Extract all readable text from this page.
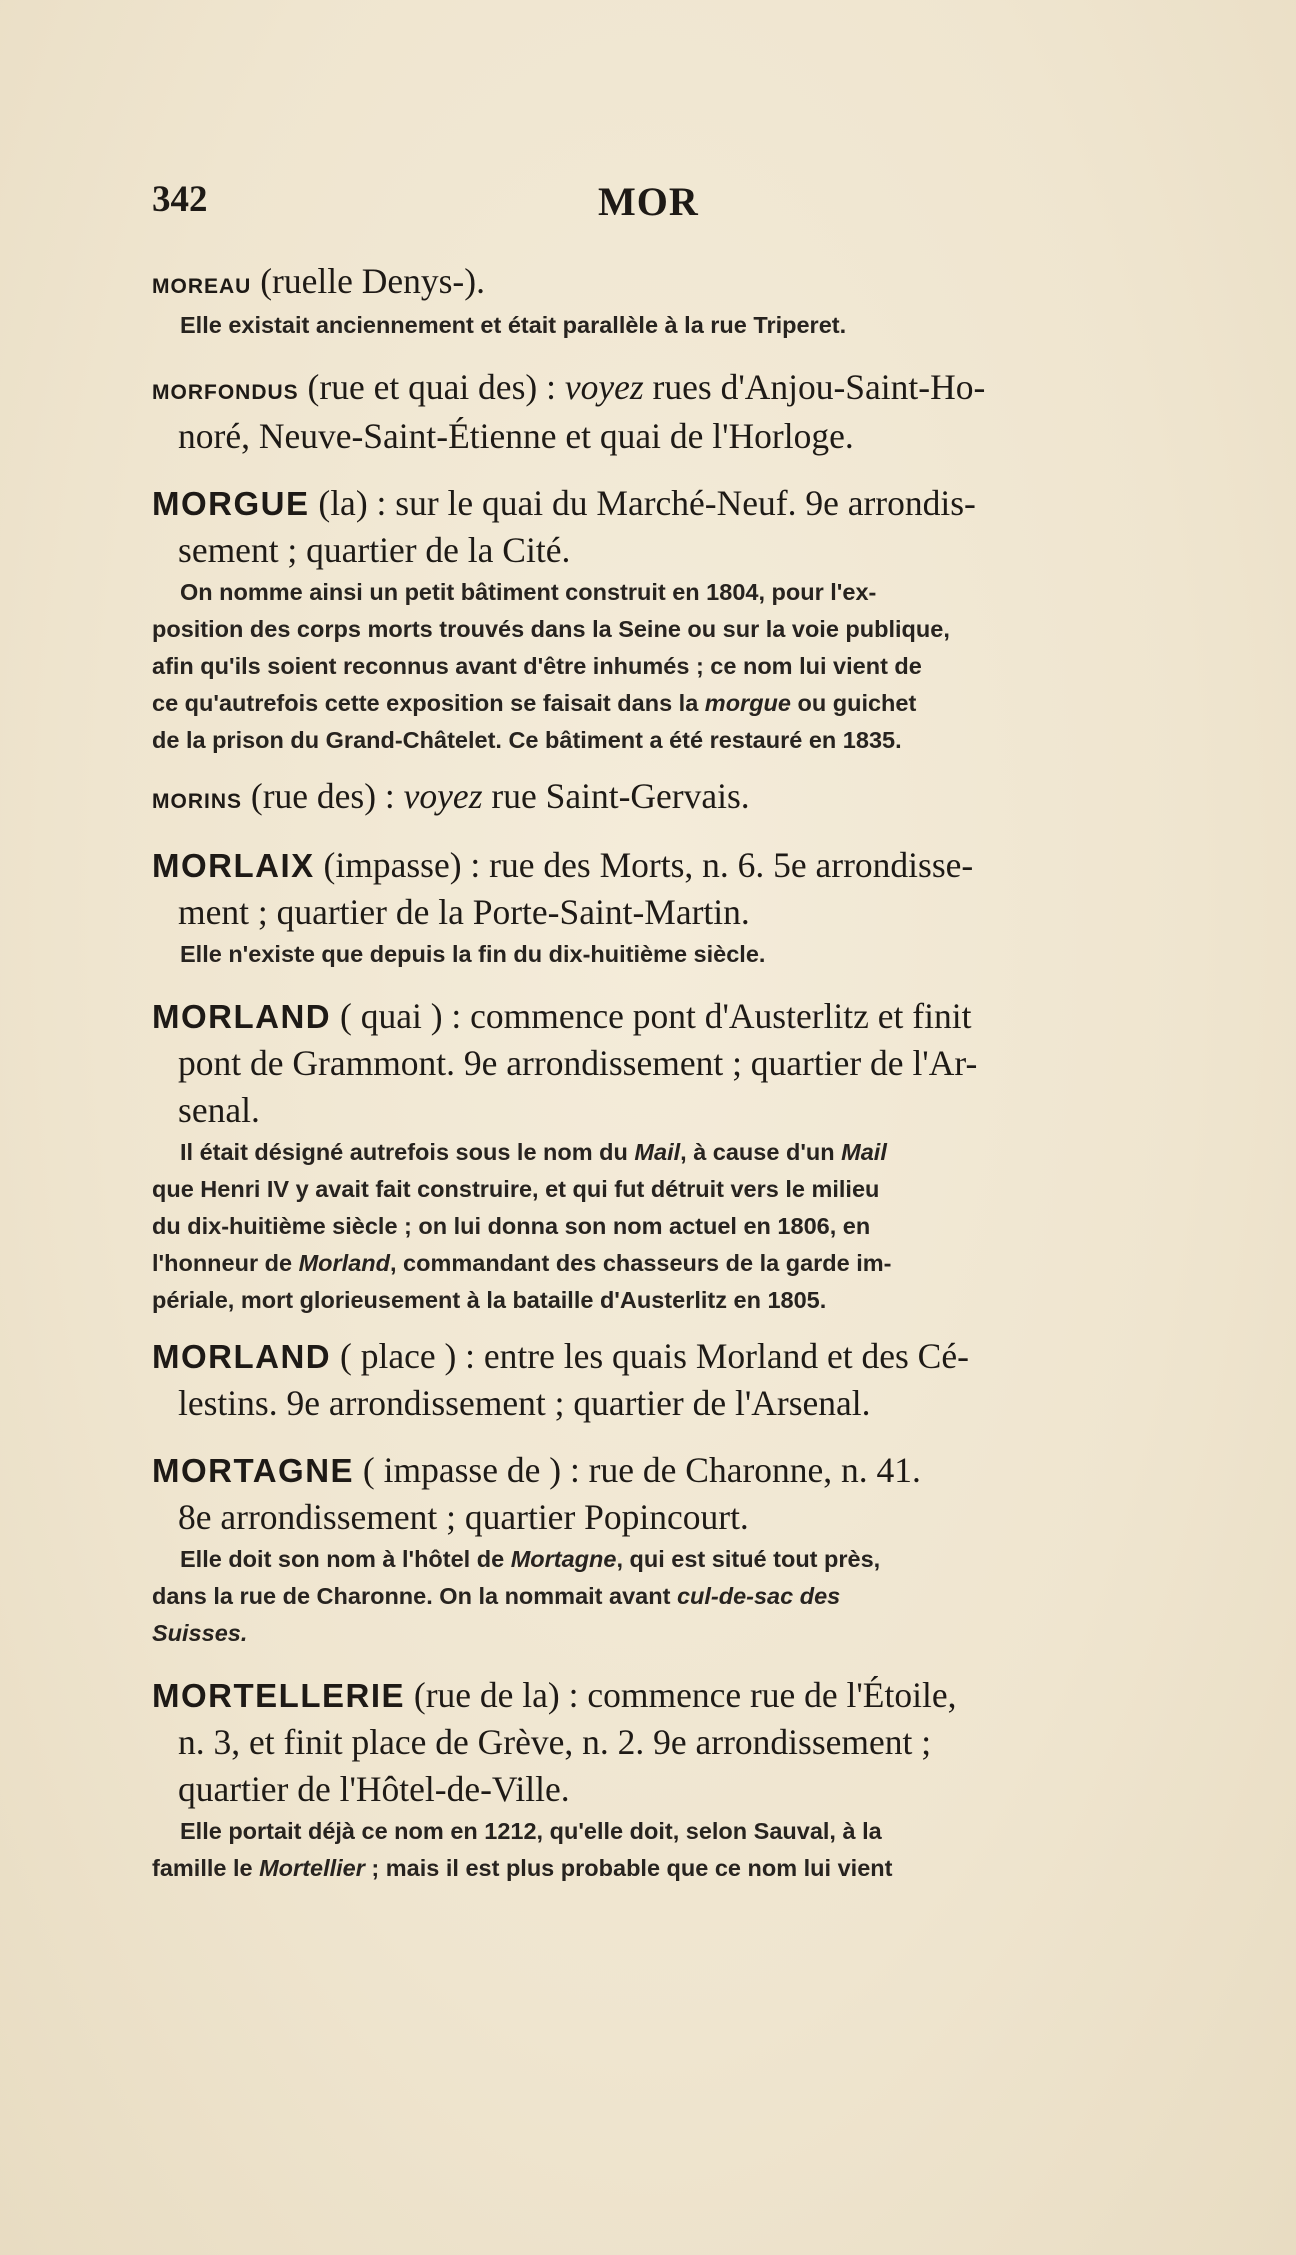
342	MOR

moreau (ruelle Denys-).

Elle existait anciennement et était parallèle à la rue Triperet.

morfondus (rue et quai des) : voyez rues d'Anjou-Saint-Ho-
noré, Neuve-Saint-Étienne et quai de l'Horloge.

MORGUE (la) : sur le quai du Marché-Neuf. 9e arrondis-
sement ; quartier de la Cité.

On nomme ainsi un petit bâtiment construit en 1804, pour l'ex-
position des corps morts trouvés dans la Seine ou sur la voie publique,
afin qu'ils soient reconnus avant d'être inhumés ; ce nom lui vient de
ce qu'autrefois cette exposition se faisait dans la morgue ou guichet
de la prison du Grand-Châtelet. Ce bâtiment a été restauré en 1835.

morins (rue des) : voyez rue Saint-Gervais.

MORLAIX (impasse) : rue des Morts, n. 6. 5e arrondisse-
ment ; quartier de la Porte-Saint-Martin.

Elle n'existe que depuis la fin du dix-huitième siècle.

MORLAND ( quai ) : commence pont d'Austerlitz et finit
pont de Grammont. 9e arrondissement ; quartier de l'Ar-
senal.

Il était désigné autrefois sous le nom du Mail, à cause d'un Mail
que Henri IV y avait fait construire, et qui fut détruit vers le milieu
du dix-huitième siècle ; on lui donna son nom actuel en 1806, en
l'honneur de Morland, commandant des chasseurs de la garde im-
périale, mort glorieusement à la bataille d'Austerlitz en 1805.

MORLAND ( place ) : entre les quais Morland et des Cé-
lestins. 9e arrondissement ; quartier de l'Arsenal.

MORTAGNE ( impasse de ) : rue de Charonne, n. 41.
8e arrondissement ; quartier Popincourt.

Elle doit son nom à l'hôtel de Mortagne, qui est situé tout près,
dans la rue de Charonne. On la nommait avant cul-de-sac des
Suisses.

MORTELLERIE (rue de la) : commence rue de l'Étoile,
n. 3, et finit place de Grève, n. 2. 9e arrondissement ;
quartier de l'Hôtel-de-Ville.

Elle portait déjà ce nom en 1212, qu'elle doit, selon Sauval, à la
famille le Mortellier ; mais il est plus probable que ce nom lui vient
